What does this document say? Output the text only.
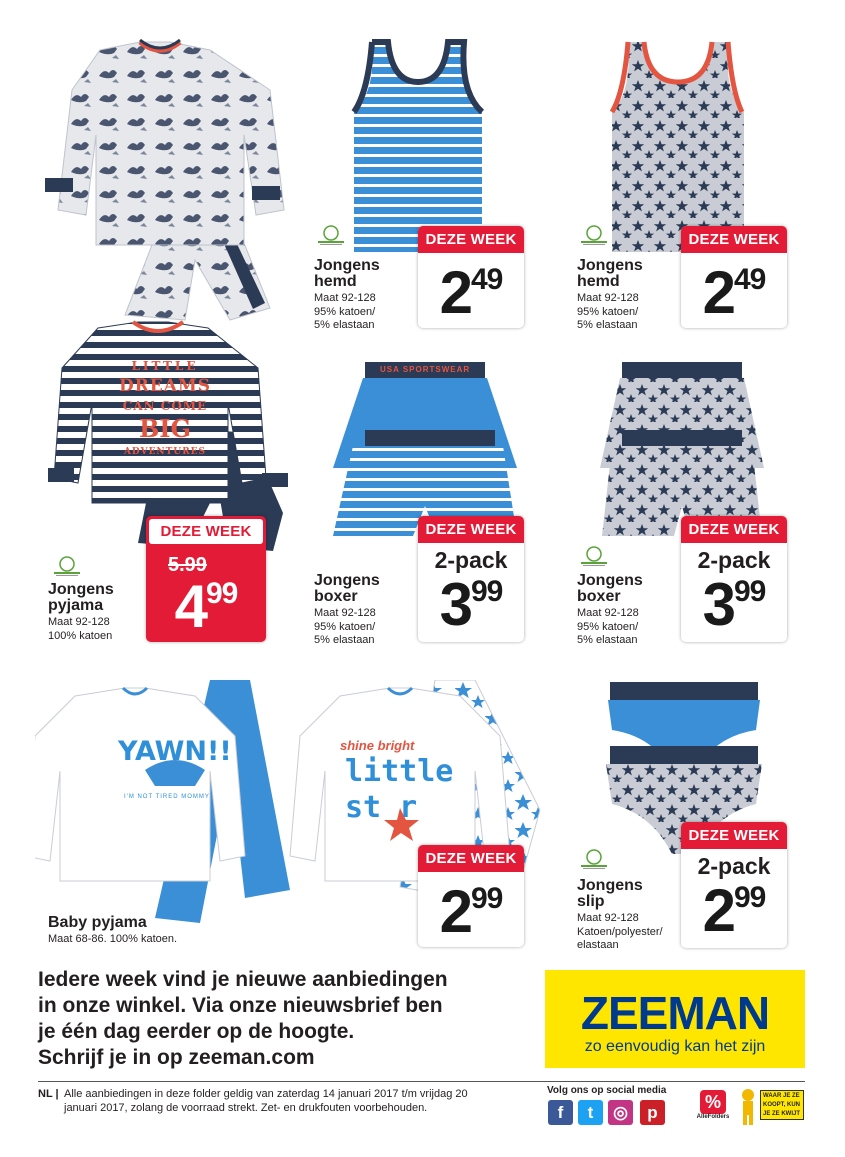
LITTLE
DREAMS
CAN COME
BIG
ADVENTURES
USA SPORTSWEAR
YAWN!!
I'M NOT TIRED MOMMY
shine bright
little
st r
Jongens
hemd
Maat 92-128
95% katoen/
5% elastaan
DEZE WEEK
249	Jongens
hemd
Maat 92-128
95% katoen/
5% elastaan
DEZE WEEK
249
Jongens
pyjama
Maat 92-128
100% katoen
DEZE WEEK
5.99
499	Jongens
boxer
Maat 92-128
95% katoen/
5% elastaan
DEZE WEEK
2-pack
399	Jongens
boxer
Maat 92-128
95% katoen/
5% elastaan
DEZE WEEK
2-pack
399
Baby pyjama
Maat 68-86. 100% katoen.
DEZE WEEK
299	Jongens
slip
Maat 92-128
Katoen/polyester/
elastaan
DEZE WEEK
2-pack
299
Iedere week vind je nieuwe aanbiedingen
in onze winkel. Via onze nieuwsbrief ben
je één dag eerder op de hoogte.
Schrijf je in op zeeman.com
ZEEMAN
zo eenvoudig kan het zijn
NL | Alle aanbiedingen in deze folder geldig van zaterdag 14 januari 2017 t/m vrijdag 20 januari 2017, zolang de voorraad strekt. Zet- en drukfouten voorbehouden.
Volg ons op social media
f	t	◎	p
%
AlleFolders
WAAR JE ZE
KOOPT, KUN
JE ZE KWIJT
